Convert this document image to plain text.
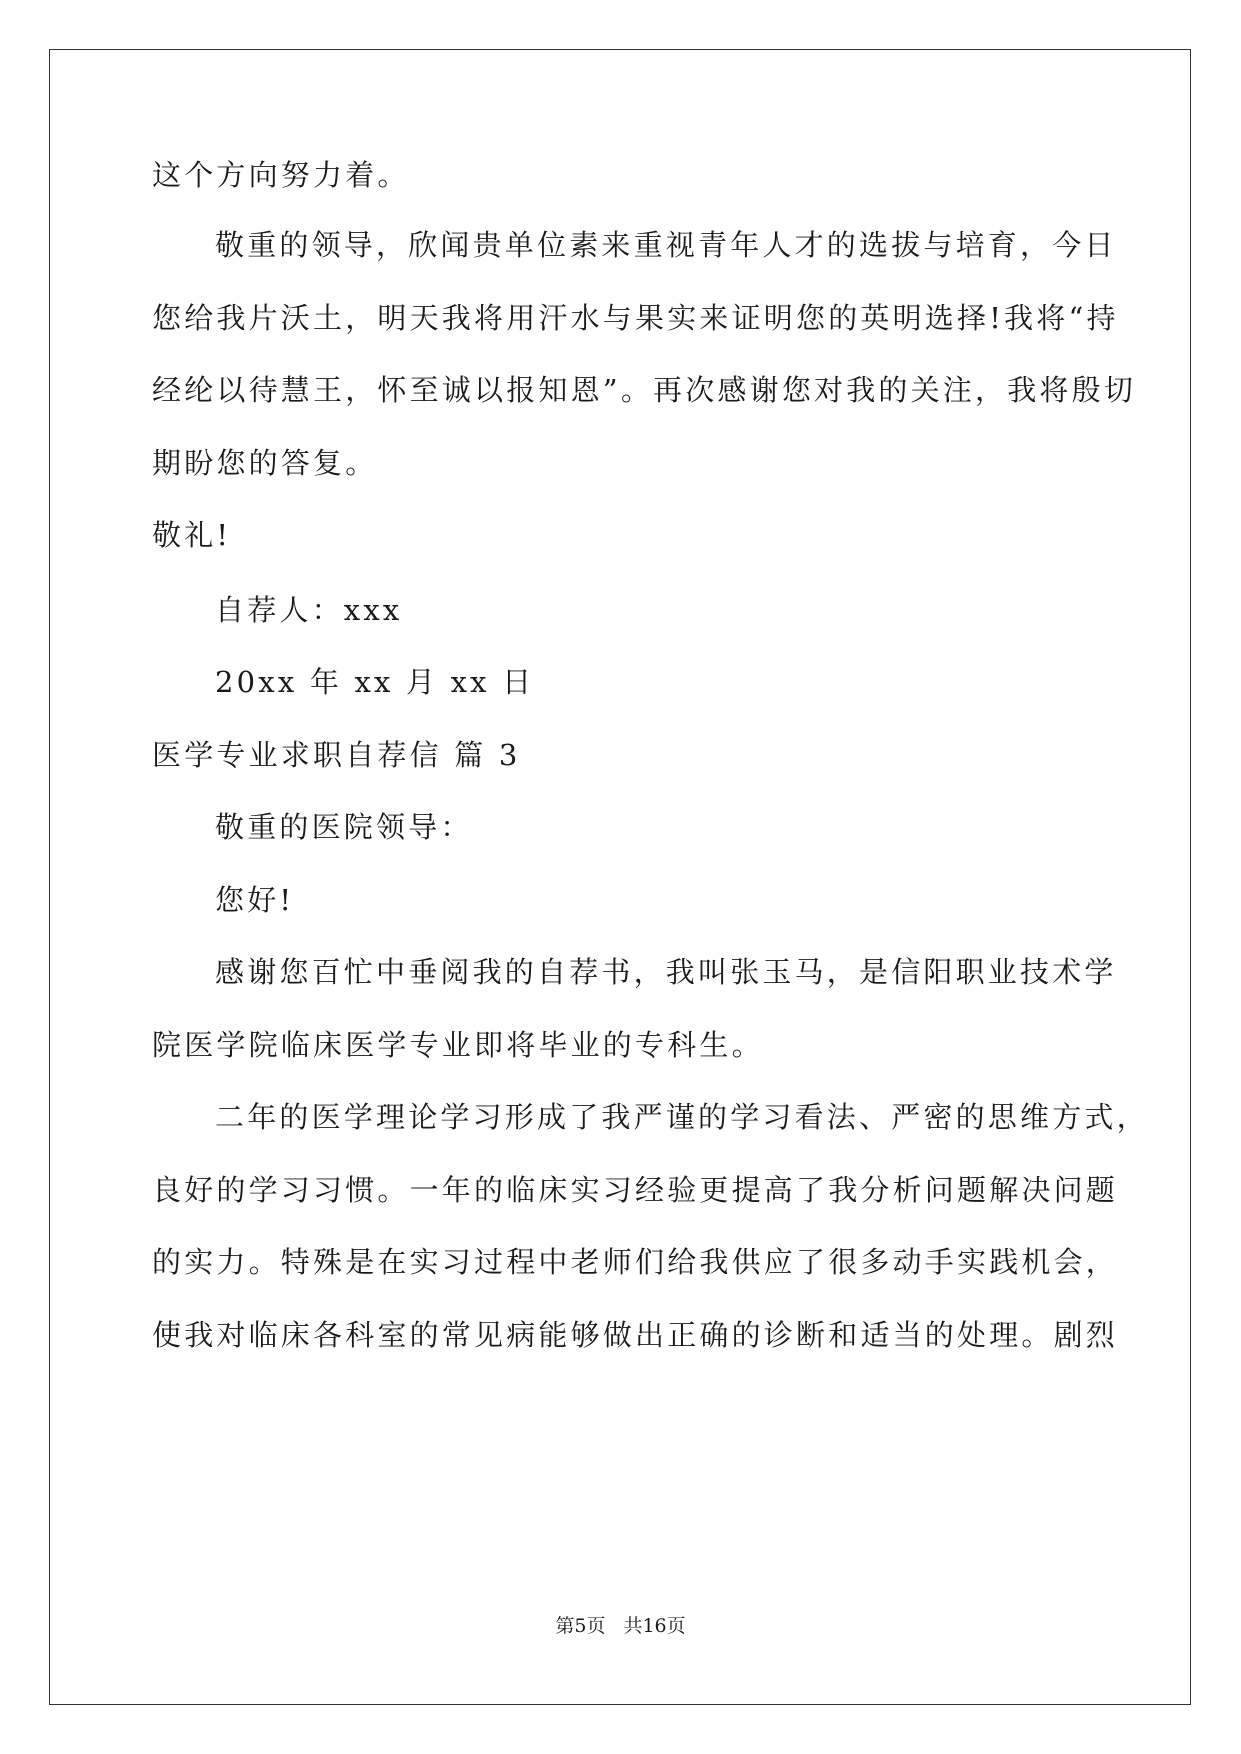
这个方向努力着。
敬重的领导，欣闻贵单位素来重视青年人才的选拔与培育，今日
您给我片沃土，明天我将用汗水与果实来证明您的英明选择!我将“持
经纶以待慧王，怀至诚以报知恩”。再次感谢您对我的关注，我将殷切
期盼您的答复。
敬礼!
自荐人：xxx
20xx 年 xx 月 xx 日
医学专业求职自荐信 篇 3
敬重的医院领导：
您好!
感谢您百忙中垂阅我的自荐书，我叫张玉马，是信阳职业技术学
院医学院临床医学专业即将毕业的专科生。
二年的医学理论学习形成了我严谨的学习看法、严密的思维方式，
良好的学习习惯。一年的临床实习经验更提高了我分析问题解决问题
的实力。特殊是在实习过程中老师们给我供应了很多动手实践机会，
使我对临床各科室的常见病能够做出正确的诊断和适当的处理。剧烈
第5页 共16页
